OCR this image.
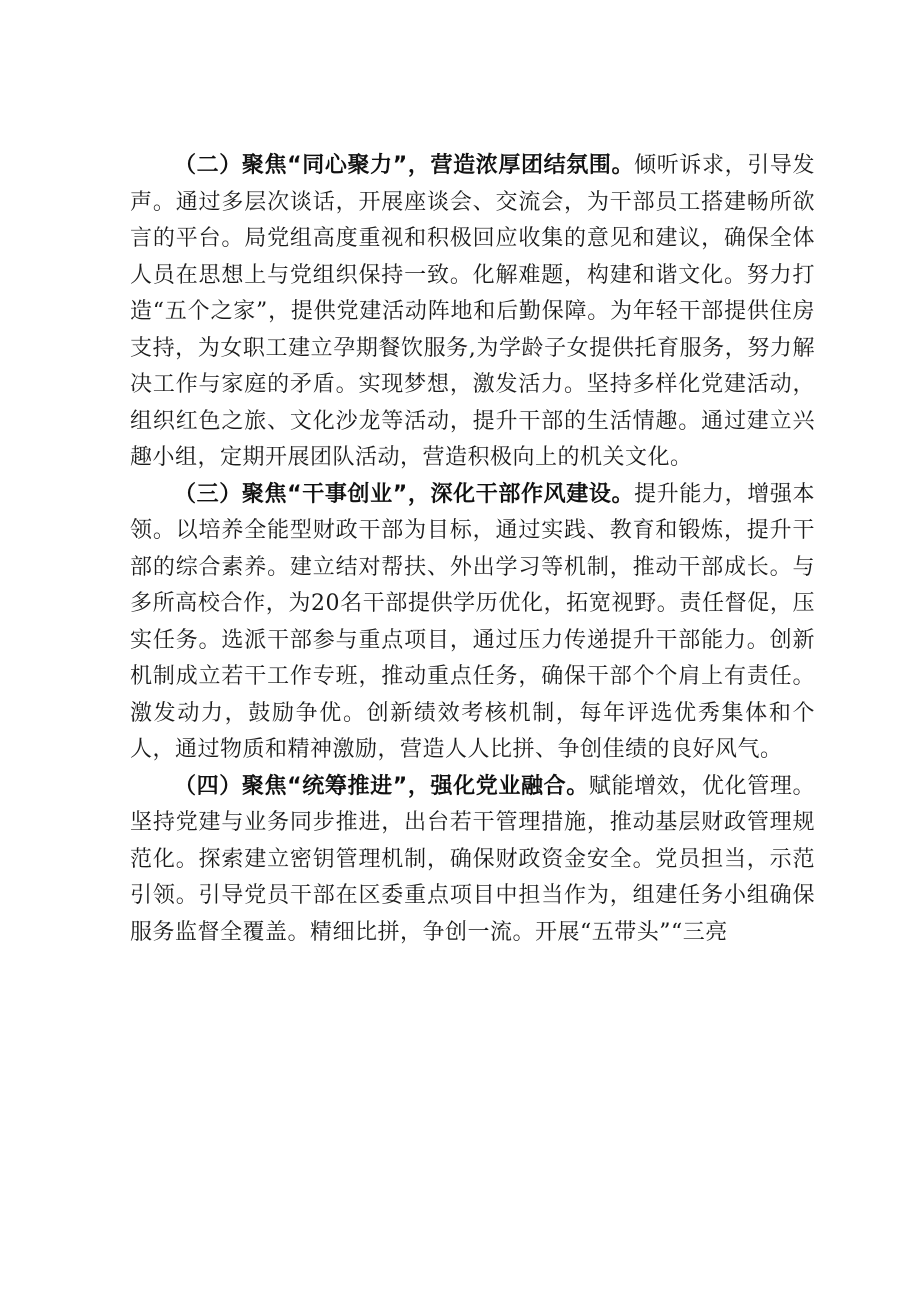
（二）聚焦“同心聚力”，营造浓厚团结氛围。倾听诉求，引导发声。通过多层次谈话，开展座谈会、交流会，为干部员工搭建畅所欲言的平台。局党组高度重视和积极回应收集的意见和建议，确保全体人员在思想上与党组织保持一致。化解难题，构建和谐文化。努力打造“五个之家”，提供党建活动阵地和后勤保障。为年轻干部提供住房支持，为女职工建立孕期餐饮服务,为学龄子女提供托育服务，努力解决工作与家庭的矛盾。实现梦想，激发活力。坚持多样化党建活动，组织红色之旅、文化沙龙等活动，提升干部的生活情趣。通过建立兴趣小组，定期开展团队活动，营造积极向上的机关文化。

（三）聚焦“干事创业”，深化干部作风建设。提升能力，增强本领。以培养全能型财政干部为目标，通过实践、教育和锻炼，提升干部的综合素养。建立结对帮扶、外出学习等机制，推动干部成长。与多所高校合作，为20名干部提供学历优化，拓宽视野。责任督促，压实任务。选派干部参与重点项目，通过压力传递提升干部能力。创新机制成立若干工作专班，推动重点任务，确保干部个个肩上有责任。激发动力，鼓励争优。创新绩效考核机制，每年评选优秀集体和个人，通过物质和精神激励，营造人人比拼、争创佳绩的良好风气。

（四）聚焦“统筹推进”，强化党业融合。赋能增效，优化管理。坚持党建与业务同步推进，出台若干管理措施，推动基层财政管理规范化。探索建立密钥管理机制，确保财政资金安全。党员担当，示范引领。引导党员干部在区委重点项目中担当作为，组建任务小组确保服务监督全覆盖。精细比拼，争创一流。开展“五带头”“三亮
